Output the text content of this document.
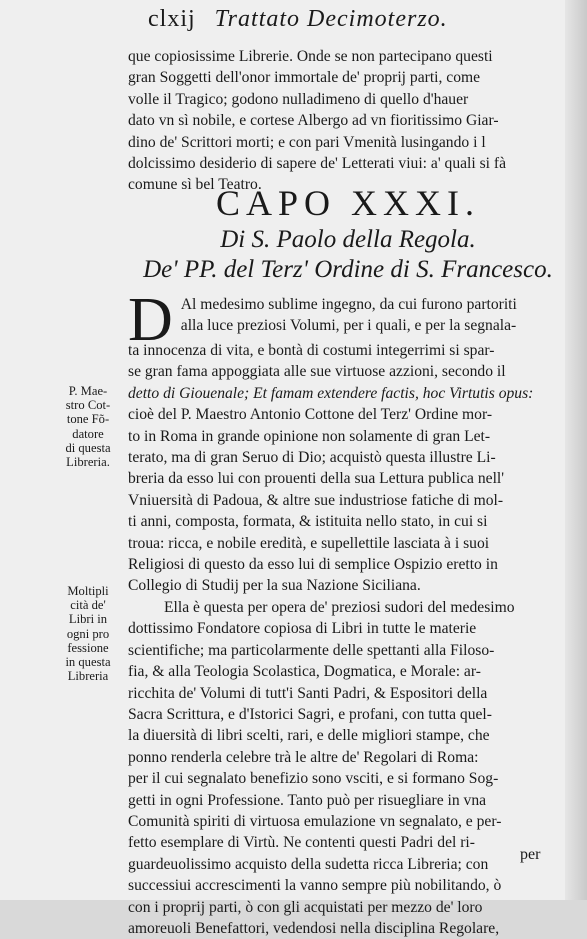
clxij Trattato Decimoterzo.
que copiosissime Librerie. Onde se non partecipano questi
gran Soggetti dell'onor immortale de' proprij parti, come
volle il Tragico; godono nulladimeno di quello d'hauer
dato vn sì nobile, e cortese Albergo ad vn fioritissimo Giar-
dino de' Scrittori morti; e con pari Vmenità lusingando i l
dolcissimo desiderio di sapere de' Letterati viui: a' quali si fà
comune sì bel Teatro.
CAPO XXXI.
Di S. Paolo della Regola.
De' PP. del Terz' Ordine di S. Francesco.
D Al medesimo sublime ingegno, da cui furono partoriti
alla luce preziosi Volumi, per i quali, e per la segnala-
ta innocenza di vita, e bontà di costumi integerrimi si spar-
se gran fama appoggiata alle sue virtuose azzioni, secondo il
detto di Giouenale; Et famam extendere factis, hoc Virtutis opus:
cioè del P. Maestro Antonio Cottone del Terz' Ordine mor-
to in Roma in grande opinione non solamente di gran Let-
terato, ma di gran Seruo di Dio; acquistò questa illustre Li-
breria da esso lui con prouenti della sua Lettura publica nell'
Vniuersità di Padoua, & altre sue industriose fatiche di mol-
ti anni, composta, formata, & istituita nello stato, in cui si
troua: ricca, e nobile eredità, e supellettile lasciata à i suoi
Religiosi di questo da esso lui di semplice Ospizio eretto in
Collegio di Studij per la sua Nazione Siciliana.
Ella è questa per opera de' preziosi sudori del medesimo
dottissimo Fondatore copiosa di Libri in tutte le materie
scientifiche; ma particolarmente delle spettanti alla Filoso-
fia, & alla Teologia Scolastica, Dogmatica, e Morale: ar-
ricchita de' Volumi di tutt'i Santi Padri, & Espositori della
Sacra Scrittura, e d'Istorici Sagri, e profani, con tutta quel-
la diuersità di libri scelti, rari, e delle migliori stampe, che
ponno renderla celebre trà le altre de' Regolari di Roma:
per il cui segnalato benefizio sono vsciti, e si formano Sog-
getti in ogni Professione. Tanto può per risuegliare in vna
Comunità spiriti di virtuosa emulazione vn segnalato, e per-
fetto esemplare di Virtù. Ne contenti questi Padri del ri-
guardeuolissimo acquisto della sudetta ricca Libreria; con
successiui accrescimenti la vanno sempre più nobilitando, ò
con i proprij parti, ò con gli acquistati per mezzo de' loro
amoreuoli Benefattori, vedendosi nella disciplina Regolare,
P. Mae-
stro Cot-
tone Fõ-
datore
di questa
Libreria.
Moltipli
cità de'
Libri in
ogni pro
fessione
in questa
Libreria
per
